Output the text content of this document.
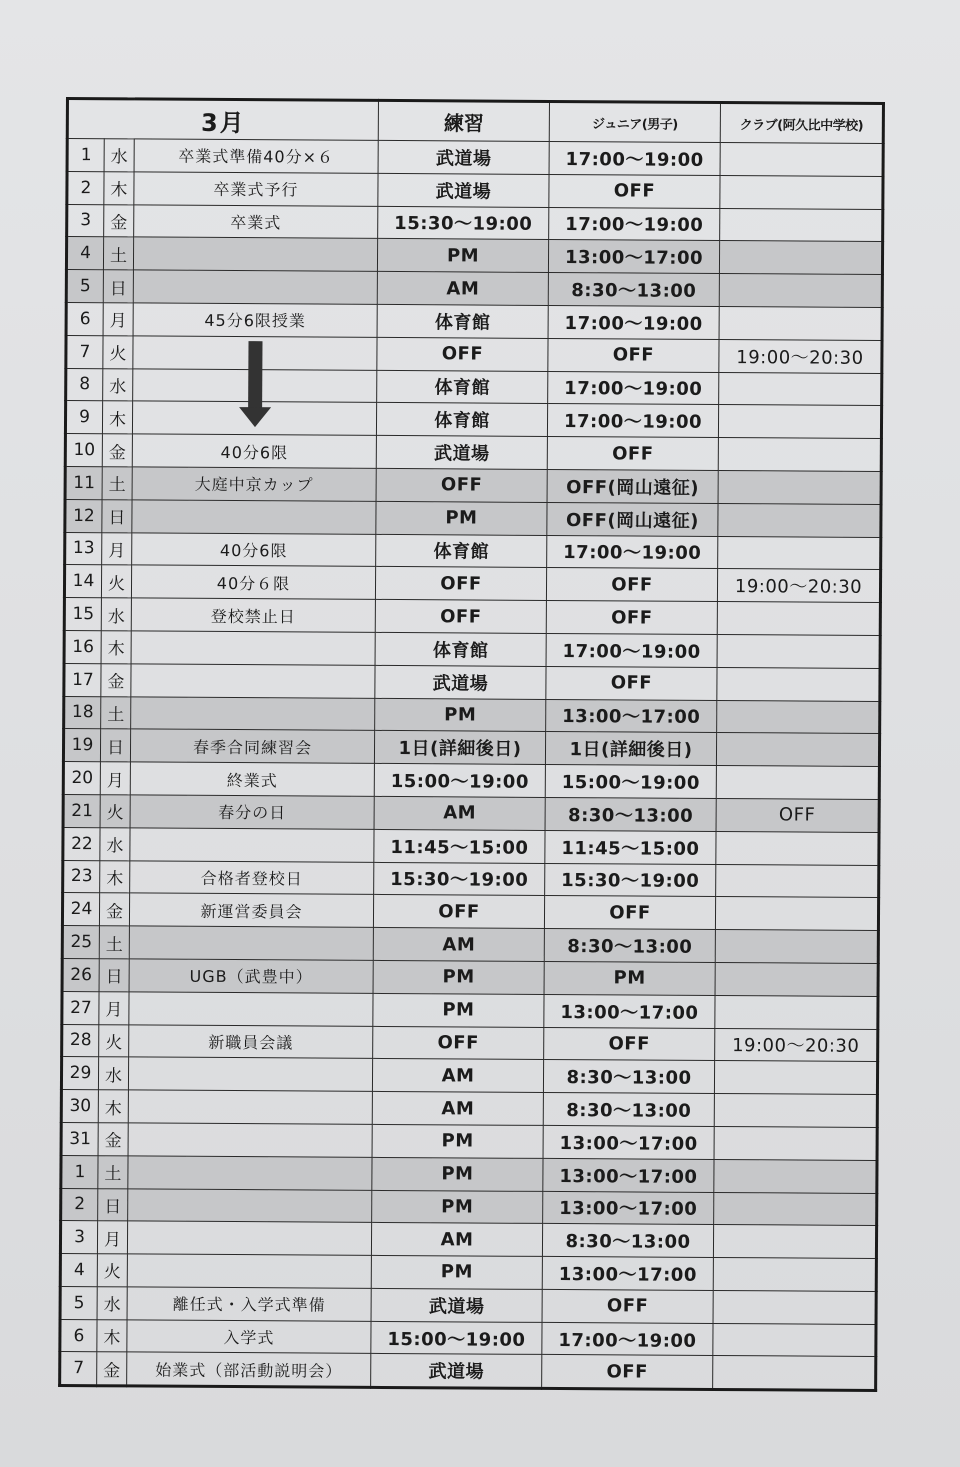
3月			練習	ジュニア(男子)	クラブ(阿久比中学校)
1	水	卒業式準備40分×６	武道場	17:00〜19:00	
2	木	卒業式予行	武道場	OFF	
3	金	卒業式	15:30〜19:00	17:00〜19:00	
4	土		PM	13:00〜17:00	
5	日		AM	8:30〜13:00	
6	月	45分6限授業	体育館	17:00〜19:00	
7	火		OFF	OFF	19:00〜20:30
8	水		体育館	17:00〜19:00	
9	木		体育館	17:00〜19:00	
10	金	40分6限	武道場	OFF	
11	土	大庭中京カップ	OFF	OFF(岡山遠征)	
12	日		PM	OFF(岡山遠征)	
13	月	40分6限	体育館	17:00〜19:00	
14	火	40分６限	OFF	OFF	19:00〜20:30
15	水	登校禁止日	OFF	OFF	
16	木		体育館	17:00〜19:00	
17	金		武道場	OFF	
18	土		PM	13:00〜17:00	
19	日	春季合同練習会	1日(詳細後日)	1日(詳細後日)	
20	月	終業式	15:00〜19:00	15:00〜19:00	
21	火	春分の日	AM	8:30〜13:00	OFF
22	水		11:45〜15:00	11:45〜15:00	
23	木	合格者登校日	15:30〜19:00	15:30〜19:00	
24	金	新運営委員会	OFF	OFF	
25	土		AM	8:30〜13:00	
26	日	UGB（武豊中）	PM	PM	
27	月		PM	13:00〜17:00	
28	火	新職員会議	OFF	OFF	19:00〜20:30
29	水		AM	8:30〜13:00	
30	木		AM	8:30〜13:00	
31	金		PM	13:00〜17:00	
1	土		PM	13:00〜17:00	
2	日		PM	13:00〜17:00	
3	月		AM	8:30〜13:00	
4	火		PM	13:00〜17:00	
5	水	離任式・入学式準備	武道場	OFF	
6	木	入学式	15:00〜19:00	17:00〜19:00	
7	金	始業式（部活動説明会）	武道場	OFF	
